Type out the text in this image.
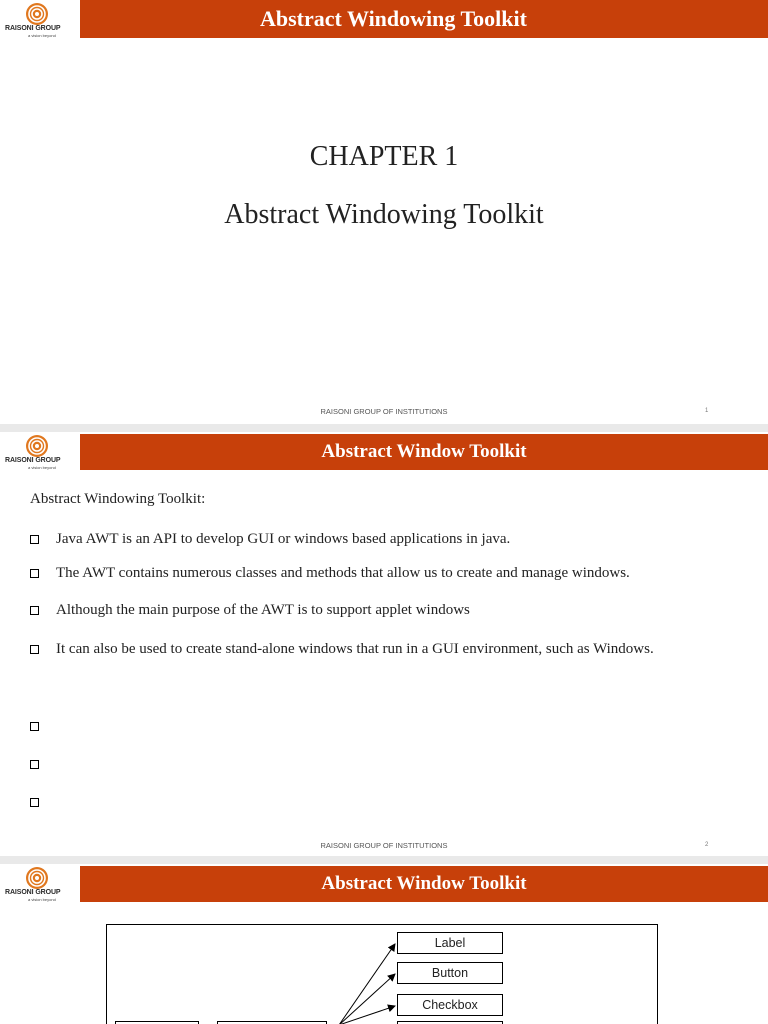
RAISONI GROUP
a vision beyond
Abstract Windowing Toolkit
CHAPTER 1
Abstract Windowing Toolkit
RAISONI GROUP OF INSTITUTIONS	1
RAISONI GROUP
a vision beyond
Abstract Window Toolkit
Abstract Windowing Toolkit:
Java AWT is an API to develop GUI or windows based applications in java.
The AWT contains numerous classes and methods that allow us to create and manage windows.
Although the main purpose of the AWT is to support applet windows
It can also be used to create stand-alone windows that run in a GUI environment, such as Windows.
RAISONI GROUP OF INSTITUTIONS	2
RAISONI GROUP
a vision beyond
Abstract Window Toolkit
Label
Button
Checkbox
